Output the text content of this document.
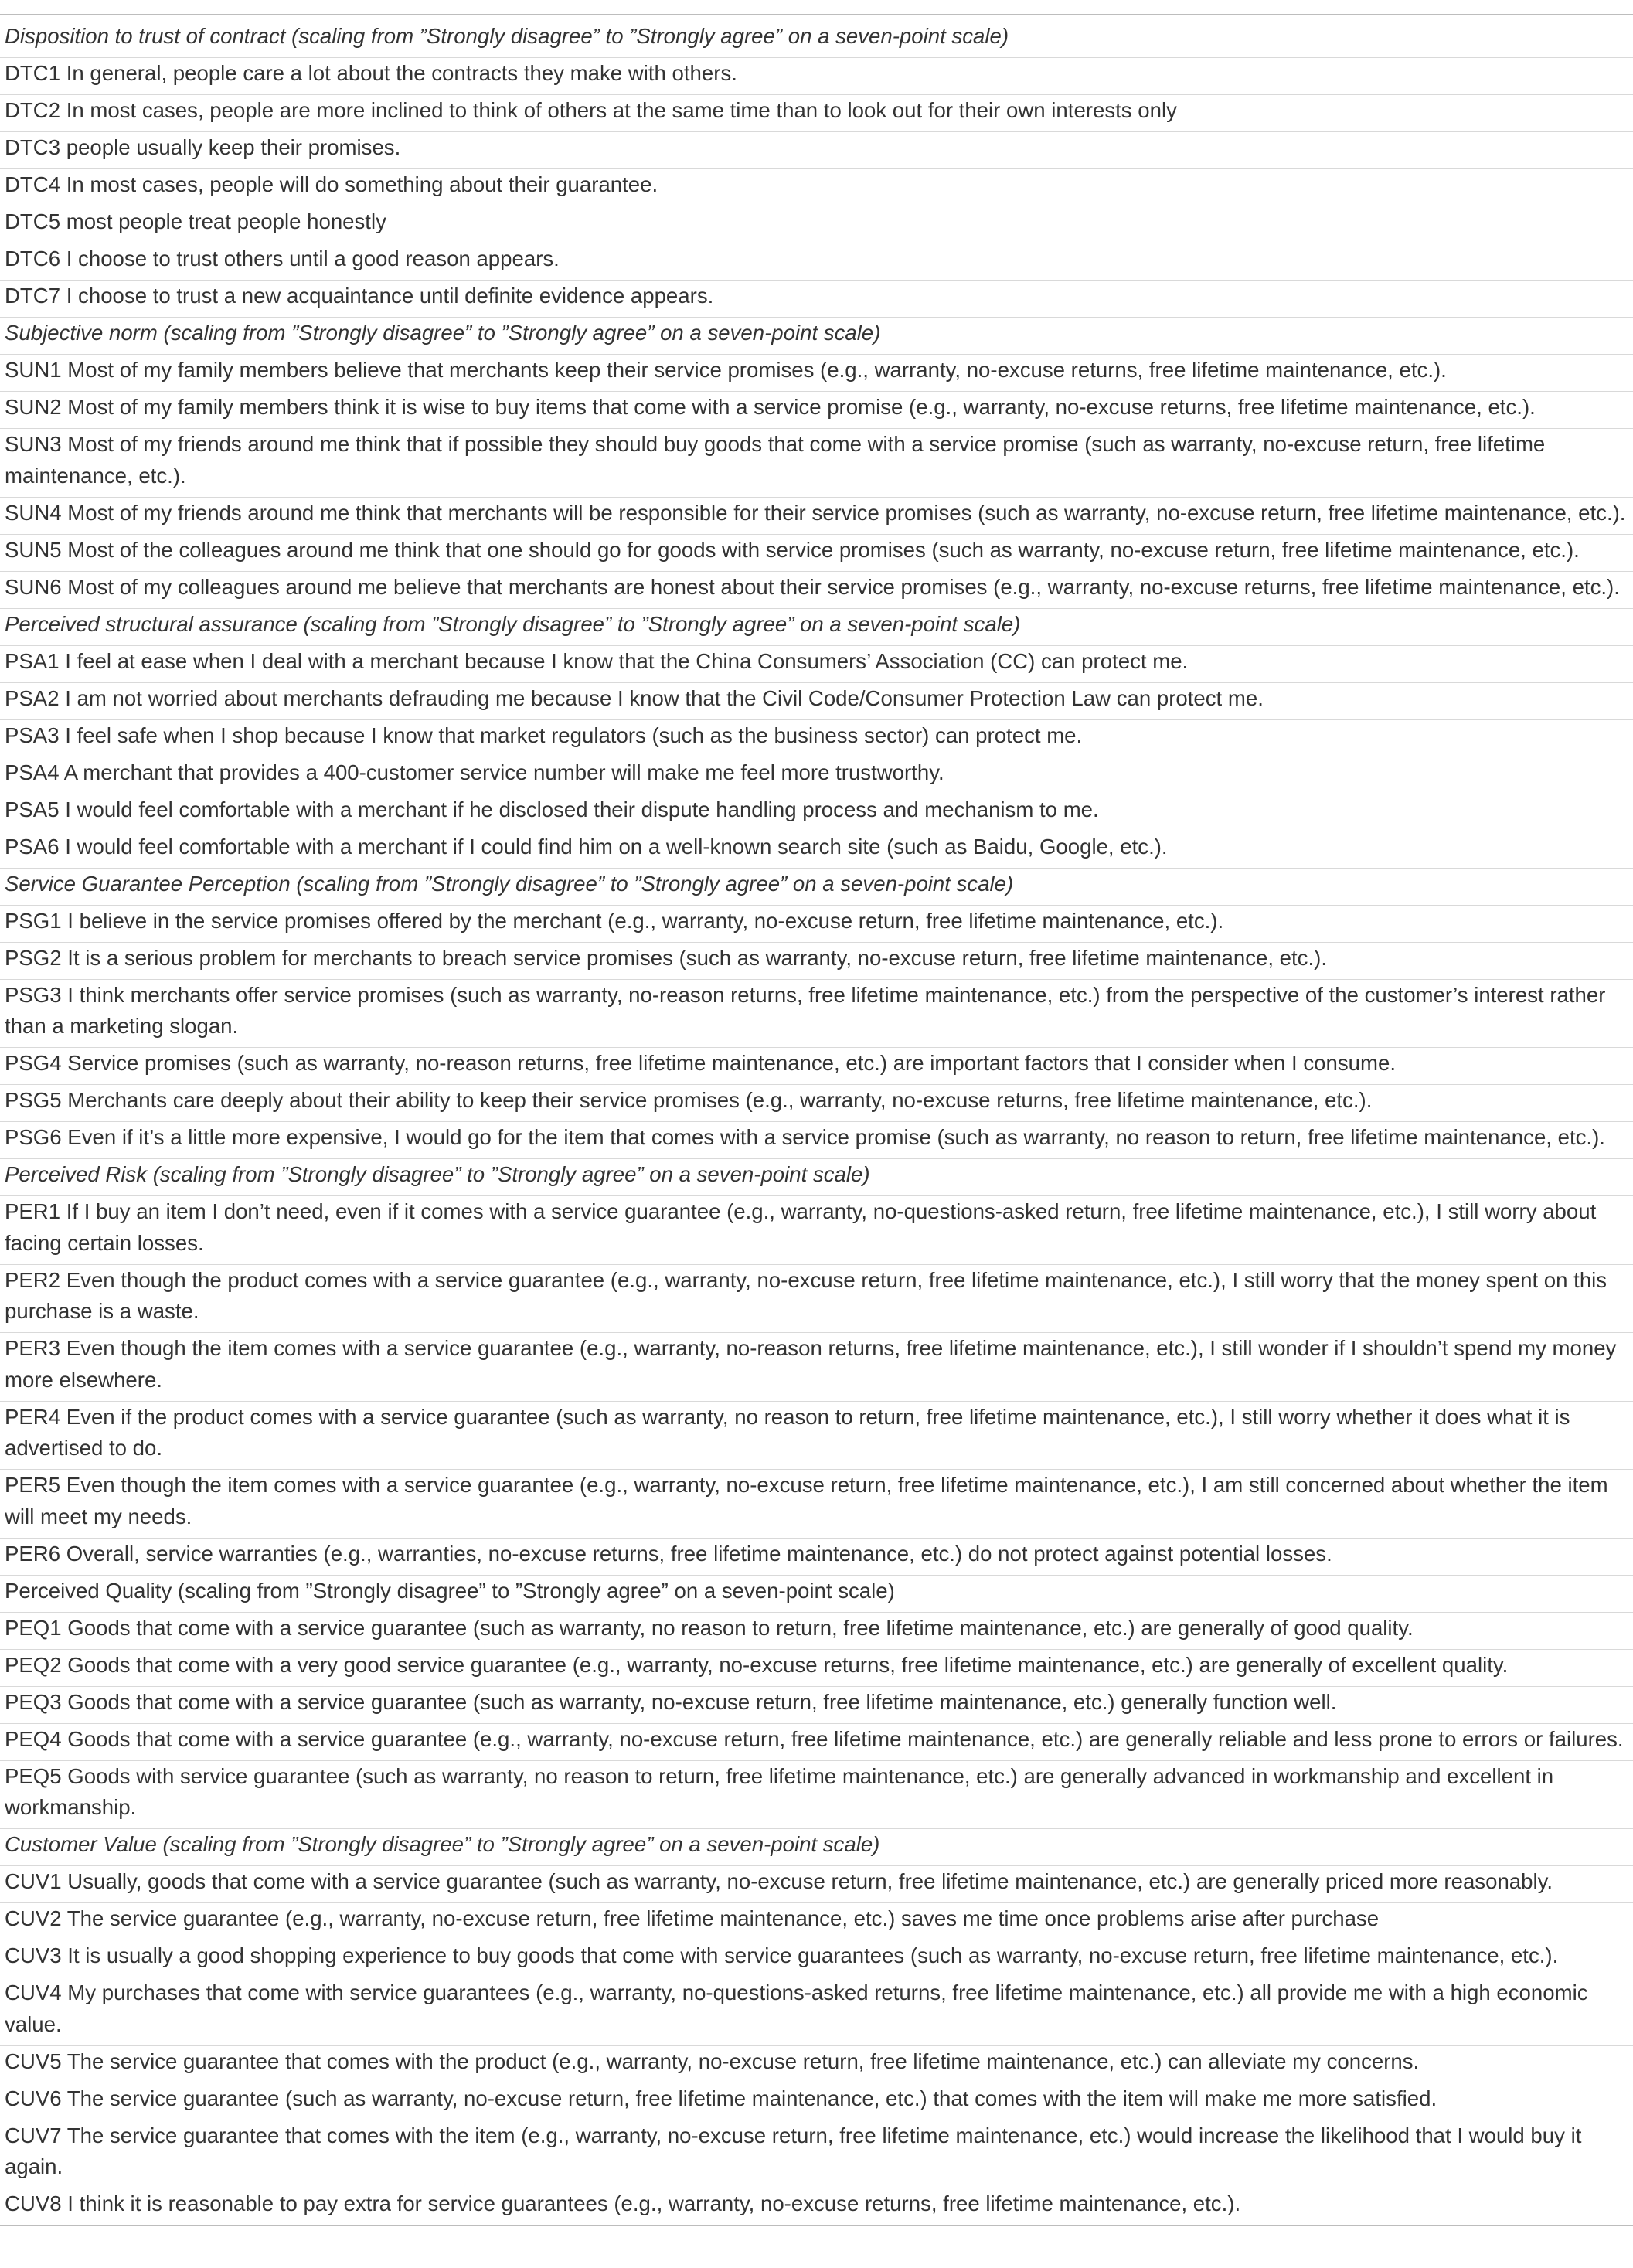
Disposition to trust of contract (scaling from ”Strongly disagree” to ”Strongly agree” on a seven-point scale)
DTC1 In general, people care a lot about the contracts they make with others.
DTC2 In most cases, people are more inclined to think of others at the same time than to look out for their own interests only
DTC3 people usually keep their promises.
DTC4 In most cases, people will do something about their guarantee.
DTC5 most people treat people honestly
DTC6 I choose to trust others until a good reason appears.
DTC7 I choose to trust a new acquaintance until definite evidence appears.
Subjective norm (scaling from ”Strongly disagree” to ”Strongly agree” on a seven-point scale)
SUN1 Most of my family members believe that merchants keep their service promises (e.g., warranty, no-excuse returns, free lifetime maintenance, etc.).
SUN2 Most of my family members think it is wise to buy items that come with a service promise (e.g., warranty, no-excuse returns, free lifetime maintenance, etc.).
SUN3 Most of my friends around me think that if possible they should buy goods that come with a service promise (such as warranty, no-excuse return, free lifetime maintenance, etc.).
SUN4 Most of my friends around me think that merchants will be responsible for their service promises (such as warranty, no-excuse return, free lifetime maintenance, etc.).
SUN5 Most of the colleagues around me think that one should go for goods with service promises (such as warranty, no-excuse return, free lifetime maintenance, etc.).
SUN6 Most of my colleagues around me believe that merchants are honest about their service promises (e.g., warranty, no-excuse returns, free lifetime maintenance, etc.).
Perceived structural assurance (scaling from ”Strongly disagree” to ”Strongly agree” on a seven-point scale)
PSA1 I feel at ease when I deal with a merchant because I know that the China Consumers’ Association (CC) can protect me.
PSA2 I am not worried about merchants defrauding me because I know that the Civil Code/Consumer Protection Law can protect me.
PSA3 I feel safe when I shop because I know that market regulators (such as the business sector) can protect me.
PSA4 A merchant that provides a 400-customer service number will make me feel more trustworthy.
PSA5 I would feel comfortable with a merchant if he disclosed their dispute handling process and mechanism to me.
PSA6 I would feel comfortable with a merchant if I could find him on a well-known search site (such as Baidu, Google, etc.).
Service Guarantee Perception (scaling from ”Strongly disagree” to ”Strongly agree” on a seven-point scale)
PSG1 I believe in the service promises offered by the merchant (e.g., warranty, no-excuse return, free lifetime maintenance, etc.).
PSG2 It is a serious problem for merchants to breach service promises (such as warranty, no-excuse return, free lifetime maintenance, etc.).
PSG3 I think merchants offer service promises (such as warranty, no-reason returns, free lifetime maintenance, etc.) from the perspective of the customer’s interest rather than a marketing slogan.
PSG4 Service promises (such as warranty, no-reason returns, free lifetime maintenance, etc.) are important factors that I consider when I consume.
PSG5 Merchants care deeply about their ability to keep their service promises (e.g., warranty, no-excuse returns, free lifetime maintenance, etc.).
PSG6 Even if it’s a little more expensive, I would go for the item that comes with a service promise (such as warranty, no reason to return, free lifetime maintenance, etc.).
Perceived Risk (scaling from ”Strongly disagree” to ”Strongly agree” on a seven-point scale)
PER1 If I buy an item I don’t need, even if it comes with a service guarantee (e.g., warranty, no-questions-asked return, free lifetime maintenance, etc.), I still worry about facing certain losses.
PER2 Even though the product comes with a service guarantee (e.g., warranty, no-excuse return, free lifetime maintenance, etc.), I still worry that the money spent on this purchase is a waste.
PER3 Even though the item comes with a service guarantee (e.g., warranty, no-reason returns, free lifetime maintenance, etc.), I still wonder if I shouldn’t spend my money more elsewhere.
PER4 Even if the product comes with a service guarantee (such as warranty, no reason to return, free lifetime maintenance, etc.), I still worry whether it does what it is advertised to do.
PER5 Even though the item comes with a service guarantee (e.g., warranty, no-excuse return, free lifetime maintenance, etc.), I am still concerned about whether the item will meet my needs.
PER6 Overall, service warranties (e.g., warranties, no-excuse returns, free lifetime maintenance, etc.) do not protect against potential losses.
Perceived Quality (scaling from ”Strongly disagree” to ”Strongly agree” on a seven-point scale)
PEQ1 Goods that come with a service guarantee (such as warranty, no reason to return, free lifetime maintenance, etc.) are generally of good quality.
PEQ2 Goods that come with a very good service guarantee (e.g., warranty, no-excuse returns, free lifetime maintenance, etc.) are generally of excellent quality.
PEQ3 Goods that come with a service guarantee (such as warranty, no-excuse return, free lifetime maintenance, etc.) generally function well.
PEQ4 Goods that come with a service guarantee (e.g., warranty, no-excuse return, free lifetime maintenance, etc.) are generally reliable and less prone to errors or failures.
PEQ5 Goods with service guarantee (such as warranty, no reason to return, free lifetime maintenance, etc.) are generally advanced in workmanship and excellent in workmanship.
Customer Value (scaling from ”Strongly disagree” to ”Strongly agree” on a seven-point scale)
CUV1 Usually, goods that come with a service guarantee (such as warranty, no-excuse return, free lifetime maintenance, etc.) are generally priced more reasonably.
CUV2 The service guarantee (e.g., warranty, no-excuse return, free lifetime maintenance, etc.) saves me time once problems arise after purchase
CUV3 It is usually a good shopping experience to buy goods that come with service guarantees (such as warranty, no-excuse return, free lifetime maintenance, etc.).
CUV4 My purchases that come with service guarantees (e.g., warranty, no-questions-asked returns, free lifetime maintenance, etc.) all provide me with a high economic value.
CUV5 The service guarantee that comes with the product (e.g., warranty, no-excuse return, free lifetime maintenance, etc.) can alleviate my concerns.
CUV6 The service guarantee (such as warranty, no-excuse return, free lifetime maintenance, etc.) that comes with the item will make me more satisfied.
CUV7 The service guarantee that comes with the item (e.g., warranty, no-excuse return, free lifetime maintenance, etc.) would increase the likelihood that I would buy it again.
CUV8 I think it is reasonable to pay extra for service guarantees (e.g., warranty, no-excuse returns, free lifetime maintenance, etc.).
